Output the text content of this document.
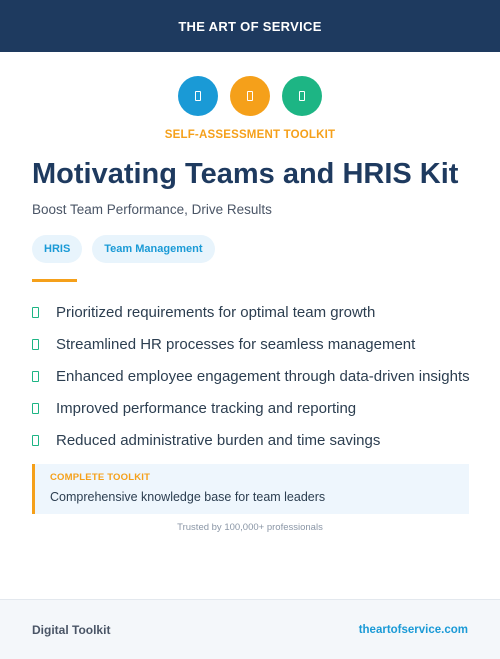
THE ART OF SERVICE
SELF-ASSESSMENT TOOLKIT
Motivating Teams and HRIS Kit
Boost Team Performance, Drive Results
HRIS	Team Management
Prioritized requirements for optimal team growth
Streamlined HR processes for seamless management
Enhanced employee engagement through data-driven insights
Improved performance tracking and reporting
Reduced administrative burden and time savings
COMPLETE TOOLKIT
Comprehensive knowledge base for team leaders
Trusted by 100,000+ professionals
Digital Toolkit	theartofservice.com
